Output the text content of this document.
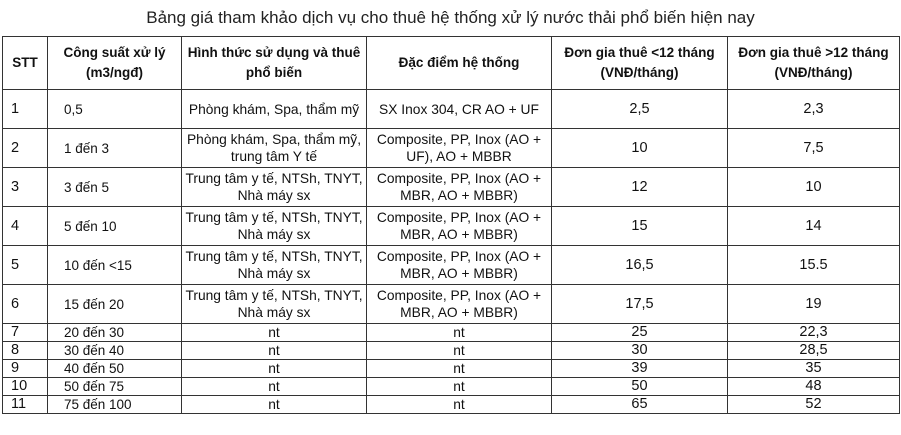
Bảng giá tham khảo dịch vụ cho thuê hệ thống xử lý nước thải phổ biến hiện nay
STT	Công suất xử lý (m3/ngđ)	Hình thức sử dụng và thuê phổ biến	Đặc điểm hệ thống	Đơn gia thuê <12 tháng (VNĐ/tháng)	Đơn gia thuê >12 tháng (VNĐ/tháng)
1	0,5	Phòng khám, Spa, thẩm mỹ	SX Inox 304, CR AO + UF	2,5	2,3
2	1 đến 3	Phòng khám, Spa, thẩm mỹ, trung tâm Y tế	Composite, PP, Inox (AO + UF), AO + MBBR	10	7,5
3	3 đến 5	Trung tâm y tế, NTSh, TNYT, Nhà máy sx	Composite, PP, Inox (AO + MBR, AO + MBBR)	12	10
4	5 đến 10	Trung tâm y tế, NTSh, TNYT, Nhà máy sx	Composite, PP, Inox (AO + MBR, AO + MBBR)	15	14
5	10 đến <15	Trung tâm y tế, NTSh, TNYT, Nhà máy sx	Composite, PP, Inox (AO + MBR, AO + MBBR)	16,5	15.5
6	15 đến 20	Trung tâm y tế, NTSh, TNYT, Nhà máy sx	Composite, PP, Inox (AO + MBR, AO + MBBR)	17,5	19
7	20 đến 30	nt	nt	25	22,3
8	30 đến 40	nt	nt	30	28,5
9	40 đến 50	nt	nt	39	35
10	50 đến 75	nt	nt	50	48
11	75 đến 100	nt	nt	65	52
